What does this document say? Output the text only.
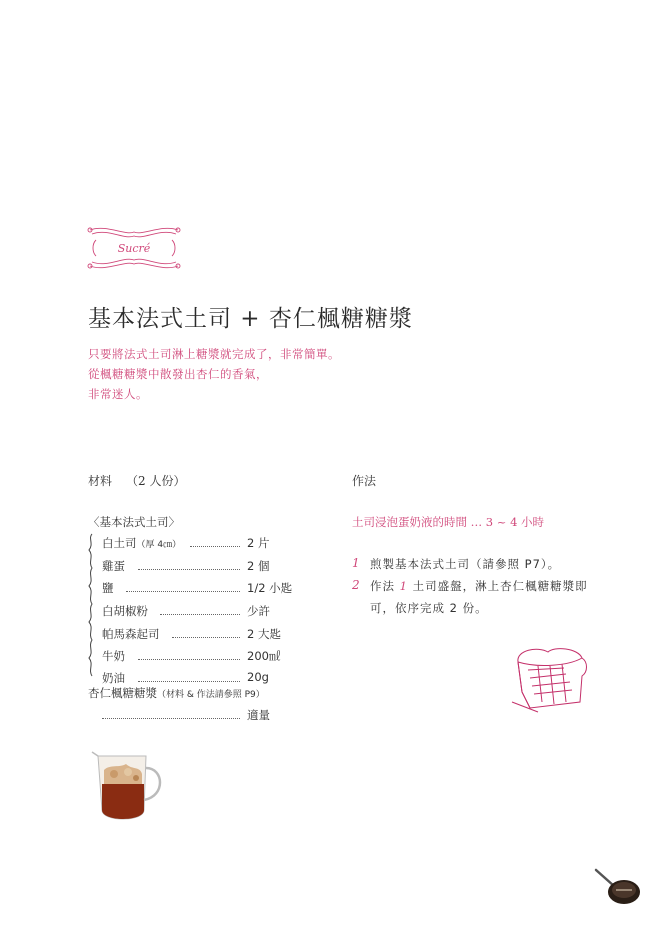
Sucré
基本法式土司 + 杏仁楓糖糖漿
只要將法式土司淋上糖漿就完成了，非常簡單。
從楓糖糖漿中散發出杏仁的香氣，
非常迷人。
材料 （2 人份）
〈基本法式土司〉
白土司（厚 4㎝）	2 片
雞蛋	2 個
鹽	1/2 小匙
白胡椒粉	少許
帕馬森起司	2 大匙
牛奶	200㎖
奶油	20g
杏仁楓糖糖漿（材料 & 作法請參照 P9）
適量
作法
土司浸泡蛋奶液的時間 … 3 ~ 4 小時
1 煎製基本法式土司（請參照 P7）。
2 作法 1 土司盛盤，淋上杏仁楓糖糖漿即
可，依序完成 2 份。
